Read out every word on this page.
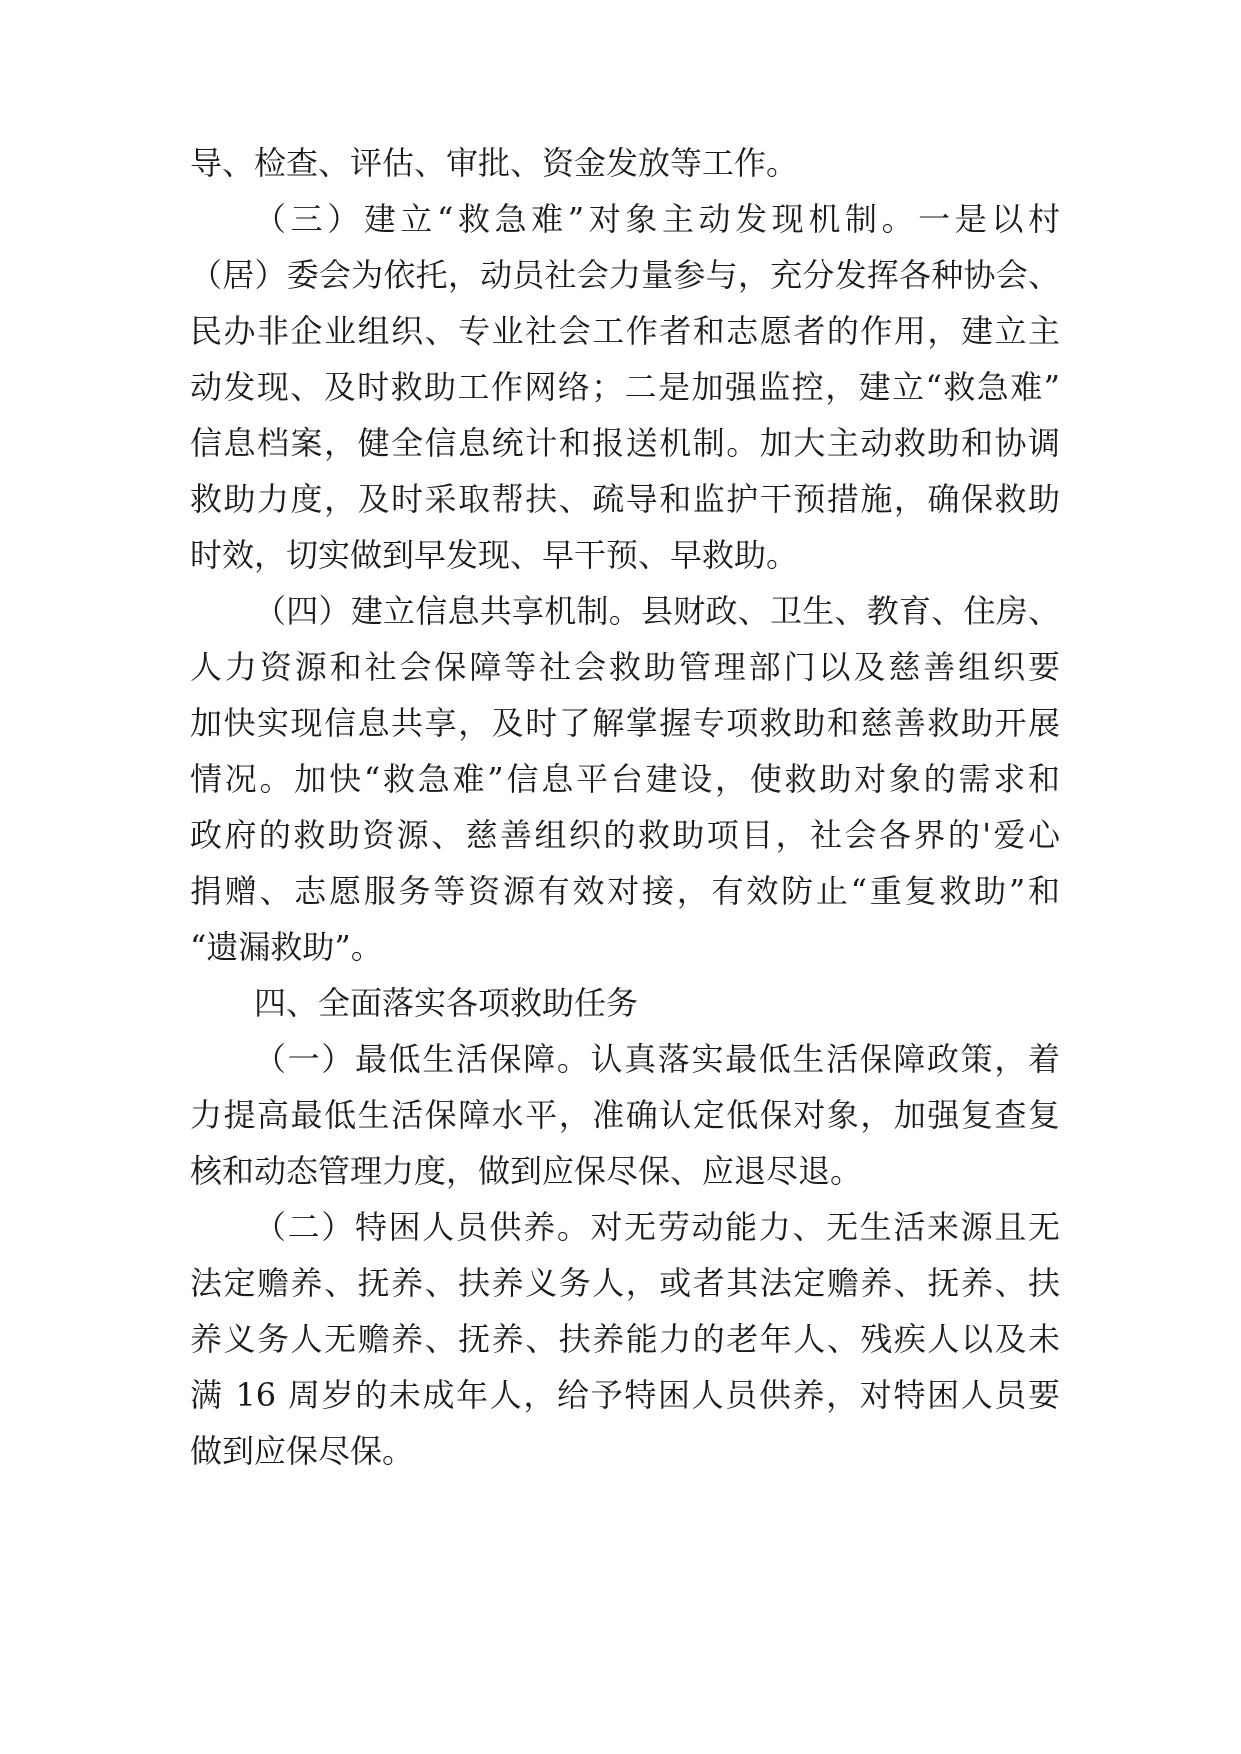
导、检查、评估、审批、资金发放等工作。
（三）建立“救急难”对象主动发现机制。一是以村
（居）委会为依托，动员社会力量参与，充分发挥各种协会、
民办非企业组织、专业社会工作者和志愿者的作用，建立主
动发现、及时救助工作网络；二是加强监控，建立“救急难”
信息档案，健全信息统计和报送机制。加大主动救助和协调
救助力度，及时采取帮扶、疏导和监护干预措施，确保救助
时效，切实做到早发现、早干预、早救助。
（四）建立信息共享机制。县财政、卫生、教育、住房、
人力资源和社会保障等社会救助管理部门以及慈善组织要
加快实现信息共享，及时了解掌握专项救助和慈善救助开展
情况。加快“救急难”信息平台建设，使救助对象的需求和
政府的救助资源、慈善组织的救助项目，社会各界的'爱心
捐赠、志愿服务等资源有效对接，有效防止“重复救助”和
“遗漏救助”。
四、全面落实各项救助任务
（一）最低生活保障。认真落实最低生活保障政策，着
力提高最低生活保障水平，准确认定低保对象，加强复查复
核和动态管理力度，做到应保尽保、应退尽退。
（二）特困人员供养。对无劳动能力、无生活来源且无
法定赡养、抚养、扶养义务人，或者其法定赡养、抚养、扶
养义务人无赡养、抚养、扶养能力的老年人、残疾人以及未
满 16 周岁的未成年人，给予特困人员供养，对特困人员要
做到应保尽保。
